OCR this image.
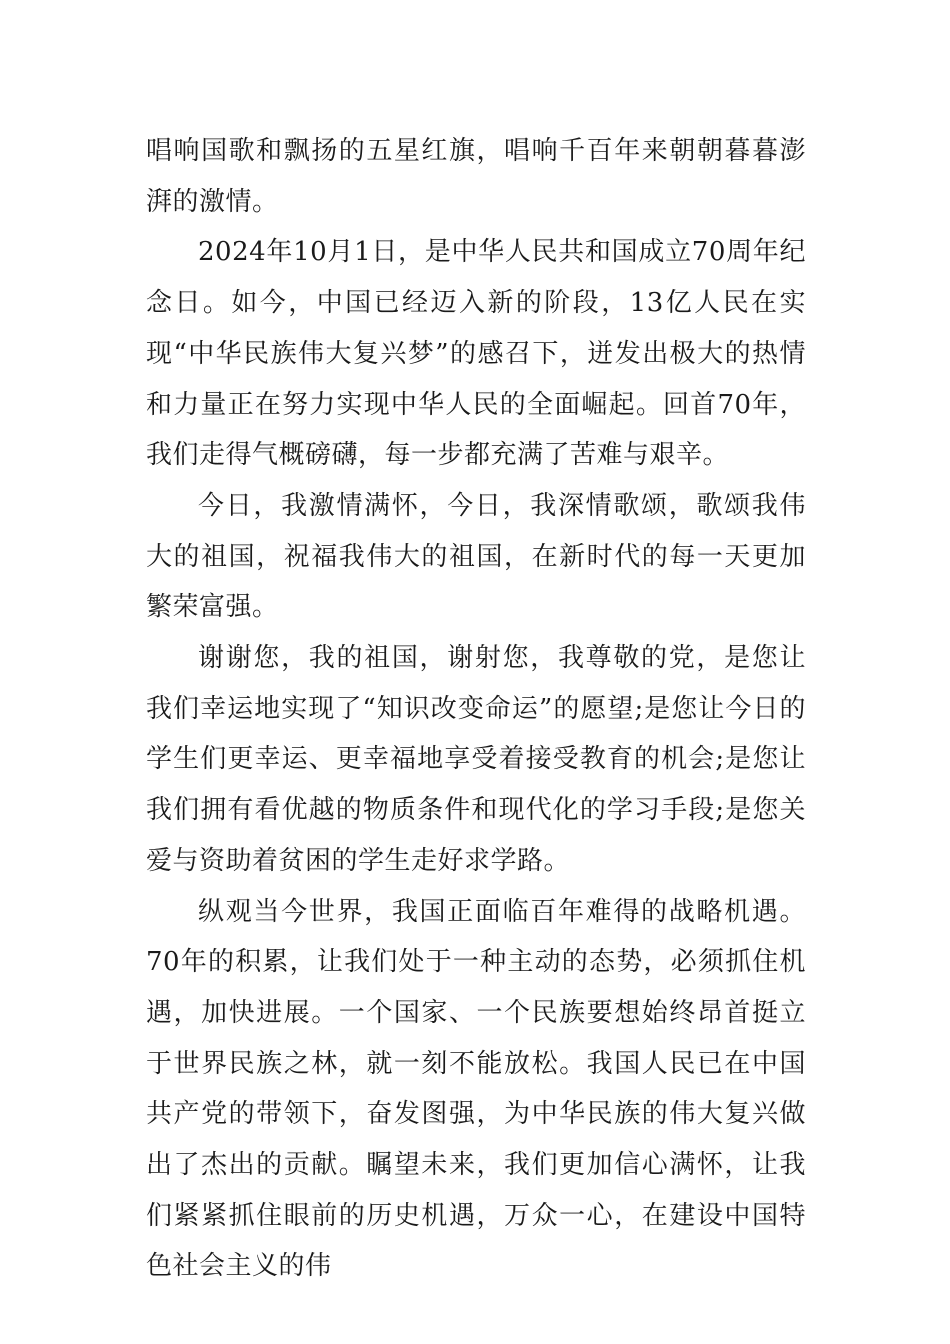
唱响国歌和飘扬的五星红旗，唱响千百年来朝朝暮暮澎湃的激情。

2024年10月1日，是中华人民共和国成立70周年纪念日。如今，中国已经迈入新的阶段，13亿人民在实现“中华民族伟大复兴梦”的感召下，迸发出极大的热情和力量正在努力实现中华人民的全面崛起。回首70年，我们走得气概磅礴，每一步都充满了苦难与艰辛。

今日，我激情满怀，今日，我深情歌颂，歌颂我伟大的祖国，祝福我伟大的祖国，在新时代的每一天更加繁荣富强。

谢谢您，我的祖国，谢射您，我尊敬的党，是您让我们幸运地实现了“知识改变命运”的愿望;是您让今日的学生们更幸运、更幸福地享受着接受教育的机会;是您让我们拥有看优越的物质条件和现代化的学习手段;是您关爱与资助着贫困的学生走好求学路。

纵观当今世界，我国正面临百年难得的战略机遇。70年的积累，让我们处于一种主动的态势，必须抓住机遇，加快进展。一个国家、一个民族要想始终昂首挺立于世界民族之林，就一刻不能放松。我国人民已在中国共产党的带领下，奋发图强，为中华民族的伟大复兴做出了杰出的贡献。瞩望未来，我们更加信心满怀，让我们紧紧抓住眼前的历史机遇，万众一心，在建设中国特色社会主义的伟
